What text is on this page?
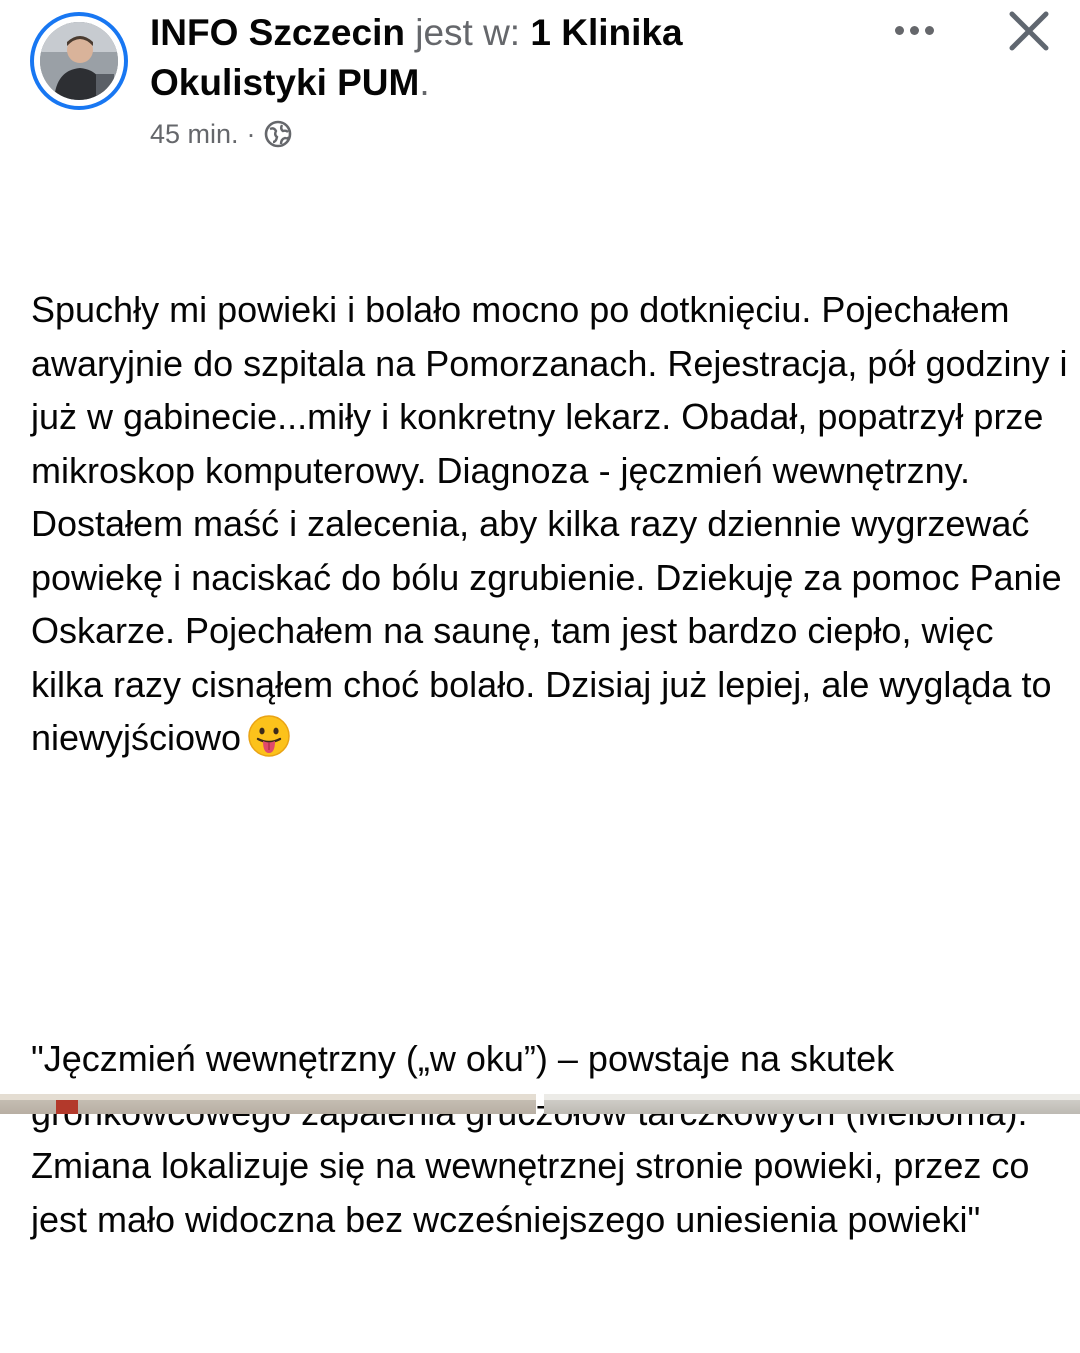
INFO Szczecin jest w: 1 Klinika Okulistyki PUM.
45 min. ·

Spuchły mi powieki i bolało mocno po dotknięciu. Pojechałem awaryjnie do szpitala na Pomorzanach. Rejestracja, pół godziny i już w gabinecie...miły i konkretny lekarz. Obadał, popatrzył prze mikroskop komputerowy. Diagnoza - jęczmień wewnętrzny. Dostałem maść i zalecenia, aby kilka razy dziennie wygrzewać powiekę i naciskać do bólu zgrubienie. Dziekuję za pomoc Panie Oskarze. Pojechałem na saunę, tam jest bardzo ciepło, więc kilka razy cisnąłem choć bolało. Dzisiaj już lepiej, ale wygląda to niewyjściowo

"Jęczmień wewnętrzny („w oku”) – powstaje na skutek      Zmiana lokalizuje się na wewnętrznej stronie powieki, przez co jest mało widoczna bez wcześniejszego uniesienia powieki"
